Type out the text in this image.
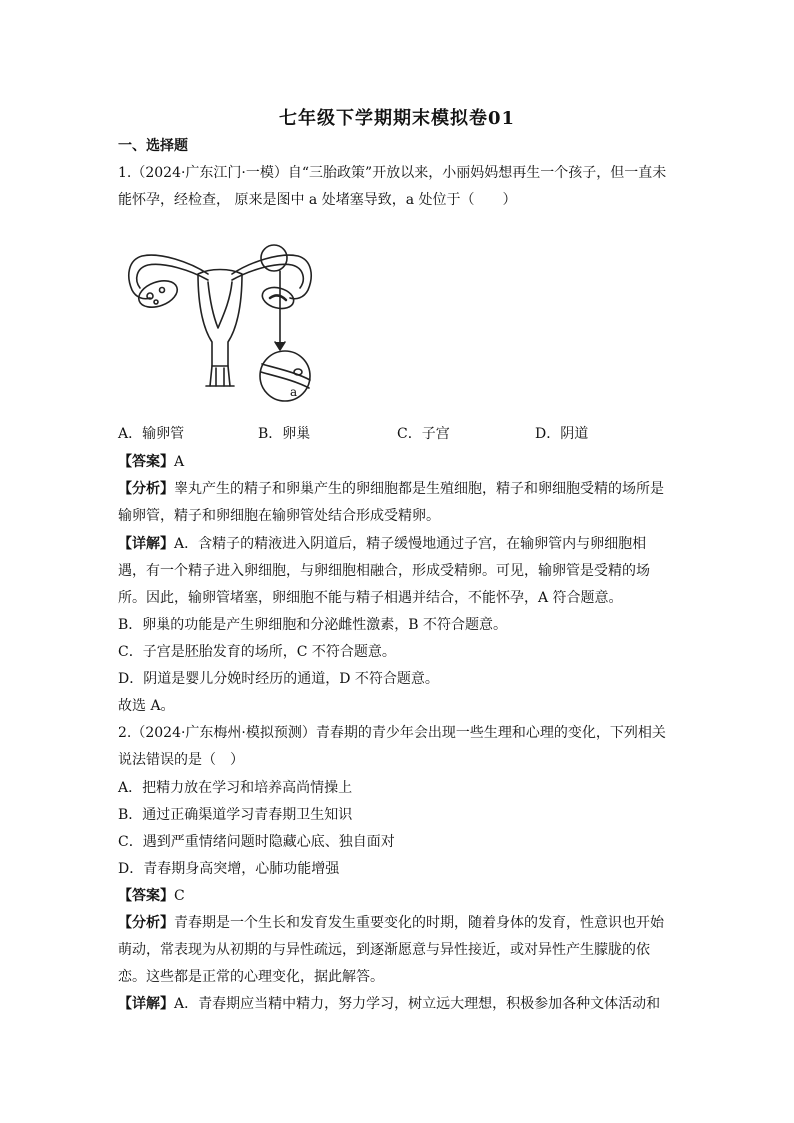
七年级下学期期末模拟卷01
一、选择题
1.（2024·广东江门·一模）自“三胎政策”开放以来，小丽妈妈想再生一个孩子，但一直未
能怀孕，经检查， 原来是图中 a 处堵塞导致，a 处位于（　　）
a
A．输卵管	B．卵巢	C．子宫	D．阴道
【答案】A
【分析】睾丸产生的精子和卵巢产生的卵细胞都是生殖细胞，精子和卵细胞受精的场所是
输卵管，精子和卵细胞在输卵管处结合形成受精卵。
【详解】A．含精子的精液进入阴道后，精子缓慢地通过子宫，在输卵管内与卵细胞相
遇，有一个精子进入卵细胞，与卵细胞相融合，形成受精卵。可见，输卵管是受精的场
所。因此，输卵管堵塞，卵细胞不能与精子相遇并结合，不能怀孕，A 符合题意。
B．卵巢的功能是产生卵细胞和分泌雌性激素，B 不符合题意。
C．子宫是胚胎发育的场所，C 不符合题意。
D．阴道是婴儿分娩时经历的通道，D 不符合题意。
故选 A。
2.（2024·广东梅州·模拟预测）青春期的青少年会出现一些生理和心理的变化，下列相关
说法错误的是（　）
A．把精力放在学习和培养高尚情操上
B．通过正确渠道学习青春期卫生知识
C．遇到严重情绪问题时隐藏心底、独自面对
D．青春期身高突增，心肺功能增强
【答案】C
【分析】青春期是一个生长和发育发生重要变化的时期，随着身体的发育，性意识也开始
萌动，常表现为从初期的与异性疏远，到逐渐愿意与异性接近，或对异性产生朦胧的依
恋。这些都是正常的心理变化，据此解答。
【详解】A．青春期应当精中精力，努力学习，树立远大理想，积极参加各种文体活动和
